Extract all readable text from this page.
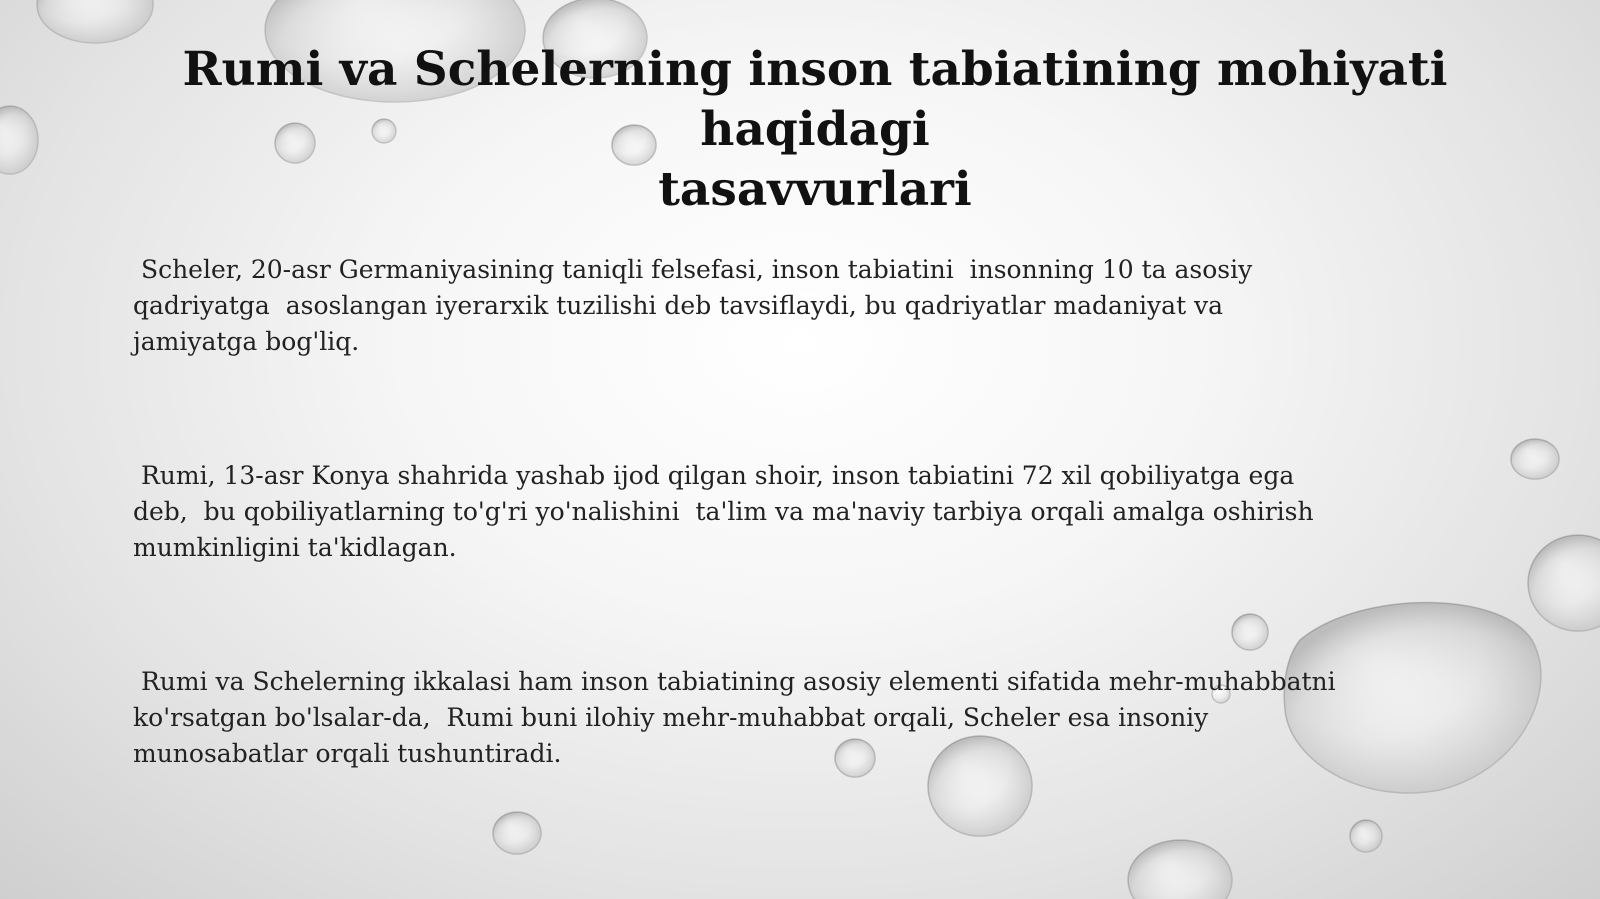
Rumi va Schelerning inson tabiatining mohiyati haqidagi
tasavvurlari

Scheler, 20-asr Germaniyasining taniqli felsefasi, inson tabiatini  insonning 10 ta asosiy
qadriyatga  asoslangan iyerarxik tuzilishi deb tavsiflaydi, bu qadriyatlar madaniyat va
jamiyatga bog'liq.

Rumi, 13-asr Konya shahrida yashab ijod qilgan shoir, inson tabiatini 72 xil qobiliyatga ega
deb,  bu qobiliyatlarning to'g'ri yo'nalishini  ta'lim va ma'naviy tarbiya orqali amalga oshirish
mumkinligini ta'kidlagan.

Rumi va Schelerning ikkalasi ham inson tabiatining asosiy elementi sifatida mehr-muhabbatni
ko'rsatgan bo'lsalar-da,  Rumi buni ilohiy mehr-muhabbat orqali, Scheler esa insoniy
munosabatlar orqali tushuntiradi.
